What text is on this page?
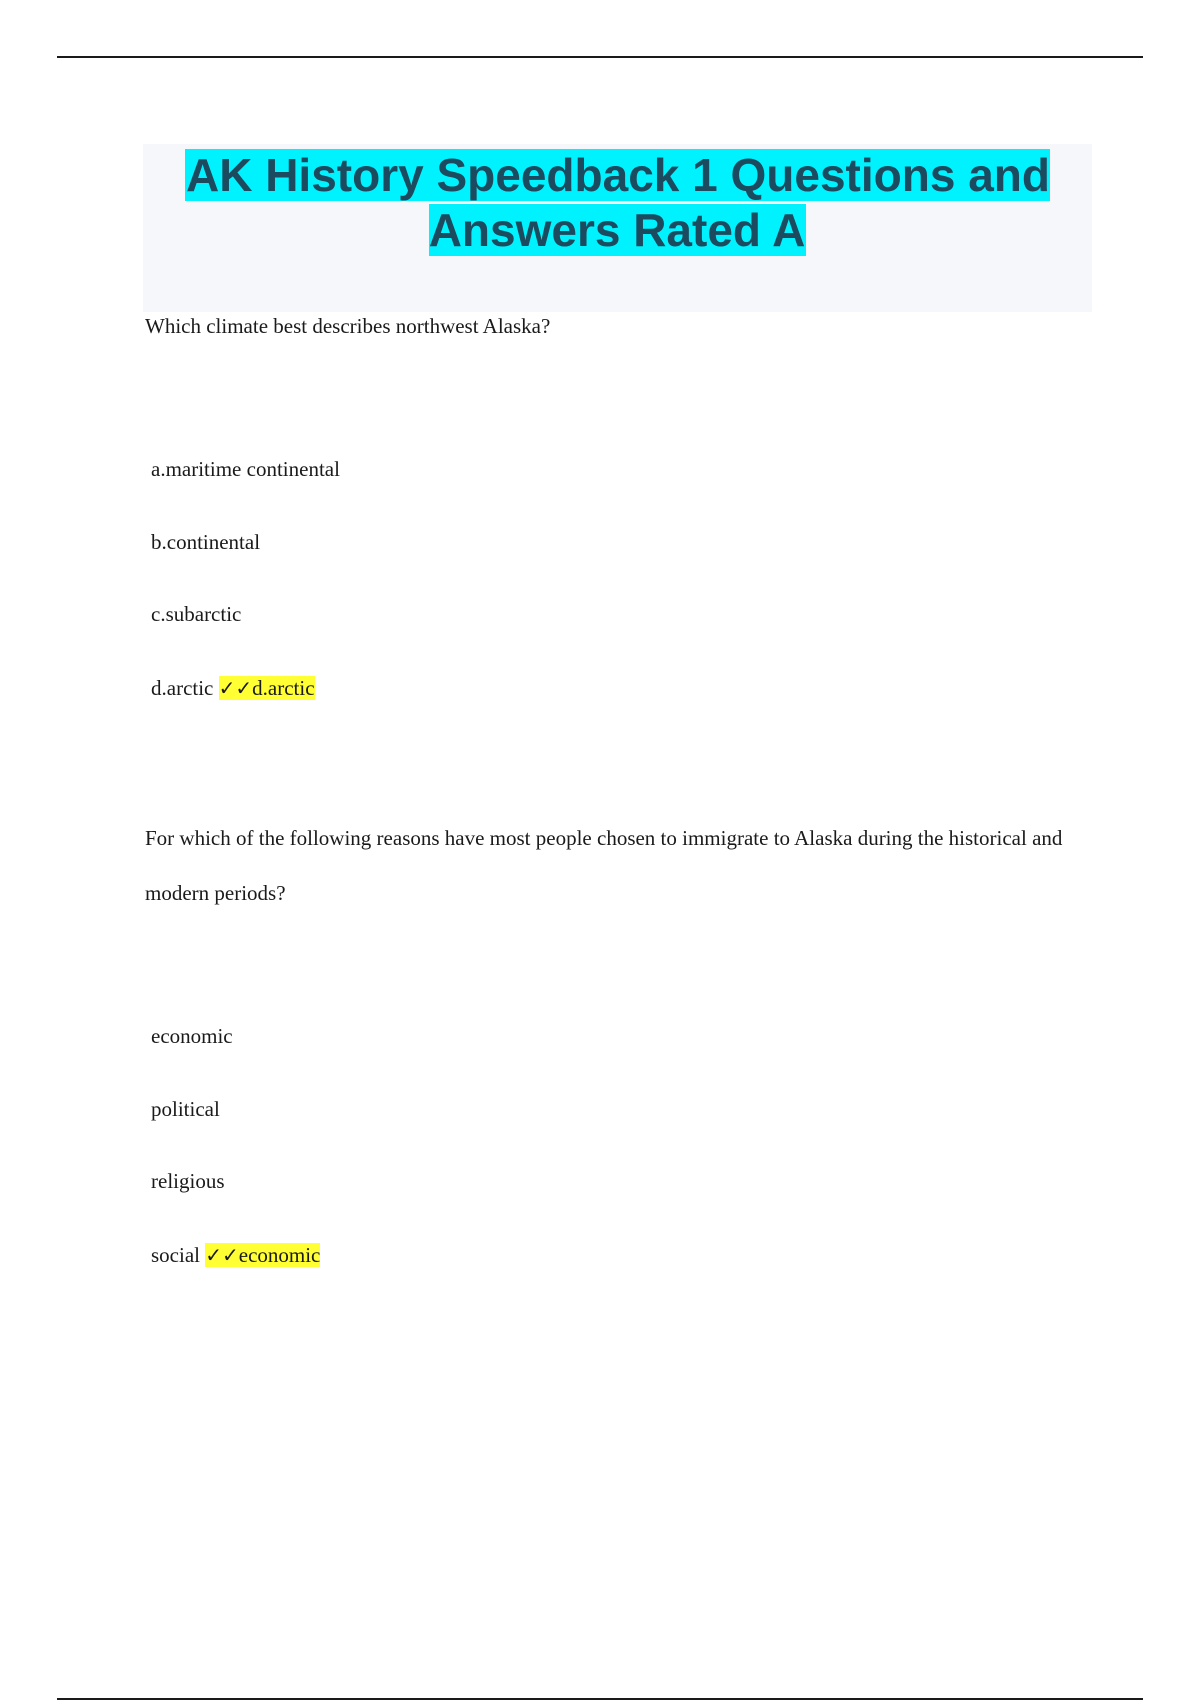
AK History Speedback 1 Questions and Answers Rated A

Which climate best describes northwest Alaska?

a.maritime continental

b.continental

c.subarctic

d.arctic ✓✓d.arctic

For which of the following reasons have most people chosen to immigrate to Alaska during the historical and modern periods?

economic

political

religious

social ✓✓economic
